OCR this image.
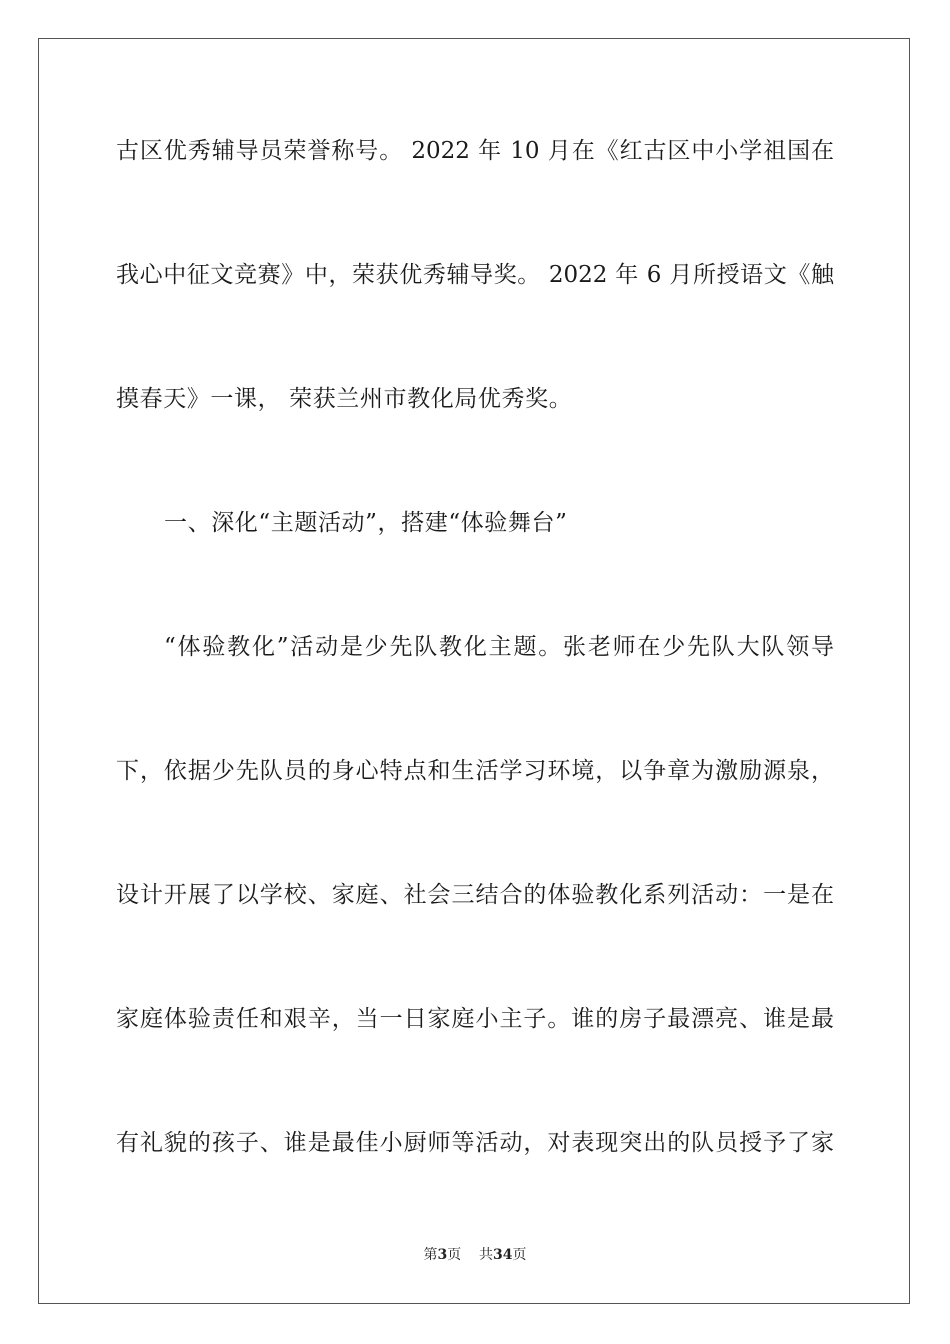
古区优秀辅导员荣誉称号。 2022 年 10 月在《红古区中小学祖国在
我心中征文竞赛》中，荣获优秀辅导奖。 2022 年 6 月所授语文《触
摸春天》一课， 荣获兰州市教化局优秀奖。
一、深化“主题活动”，搭建“体验舞台”
“体验教化”活动是少先队教化主题。张老师在少先队大队领导
下，依据少先队员的身心特点和生活学习环境，以争章为激励源泉，
设计开展了以学校、家庭、社会三结合的体验教化系列活动：一是在
家庭体验责任和艰辛，当一日家庭小主子。谁的房子最漂亮、谁是最
有礼貌的孩子、谁是最佳小厨师等活动，对表现突出的队员授予了家
第3页 共34页
